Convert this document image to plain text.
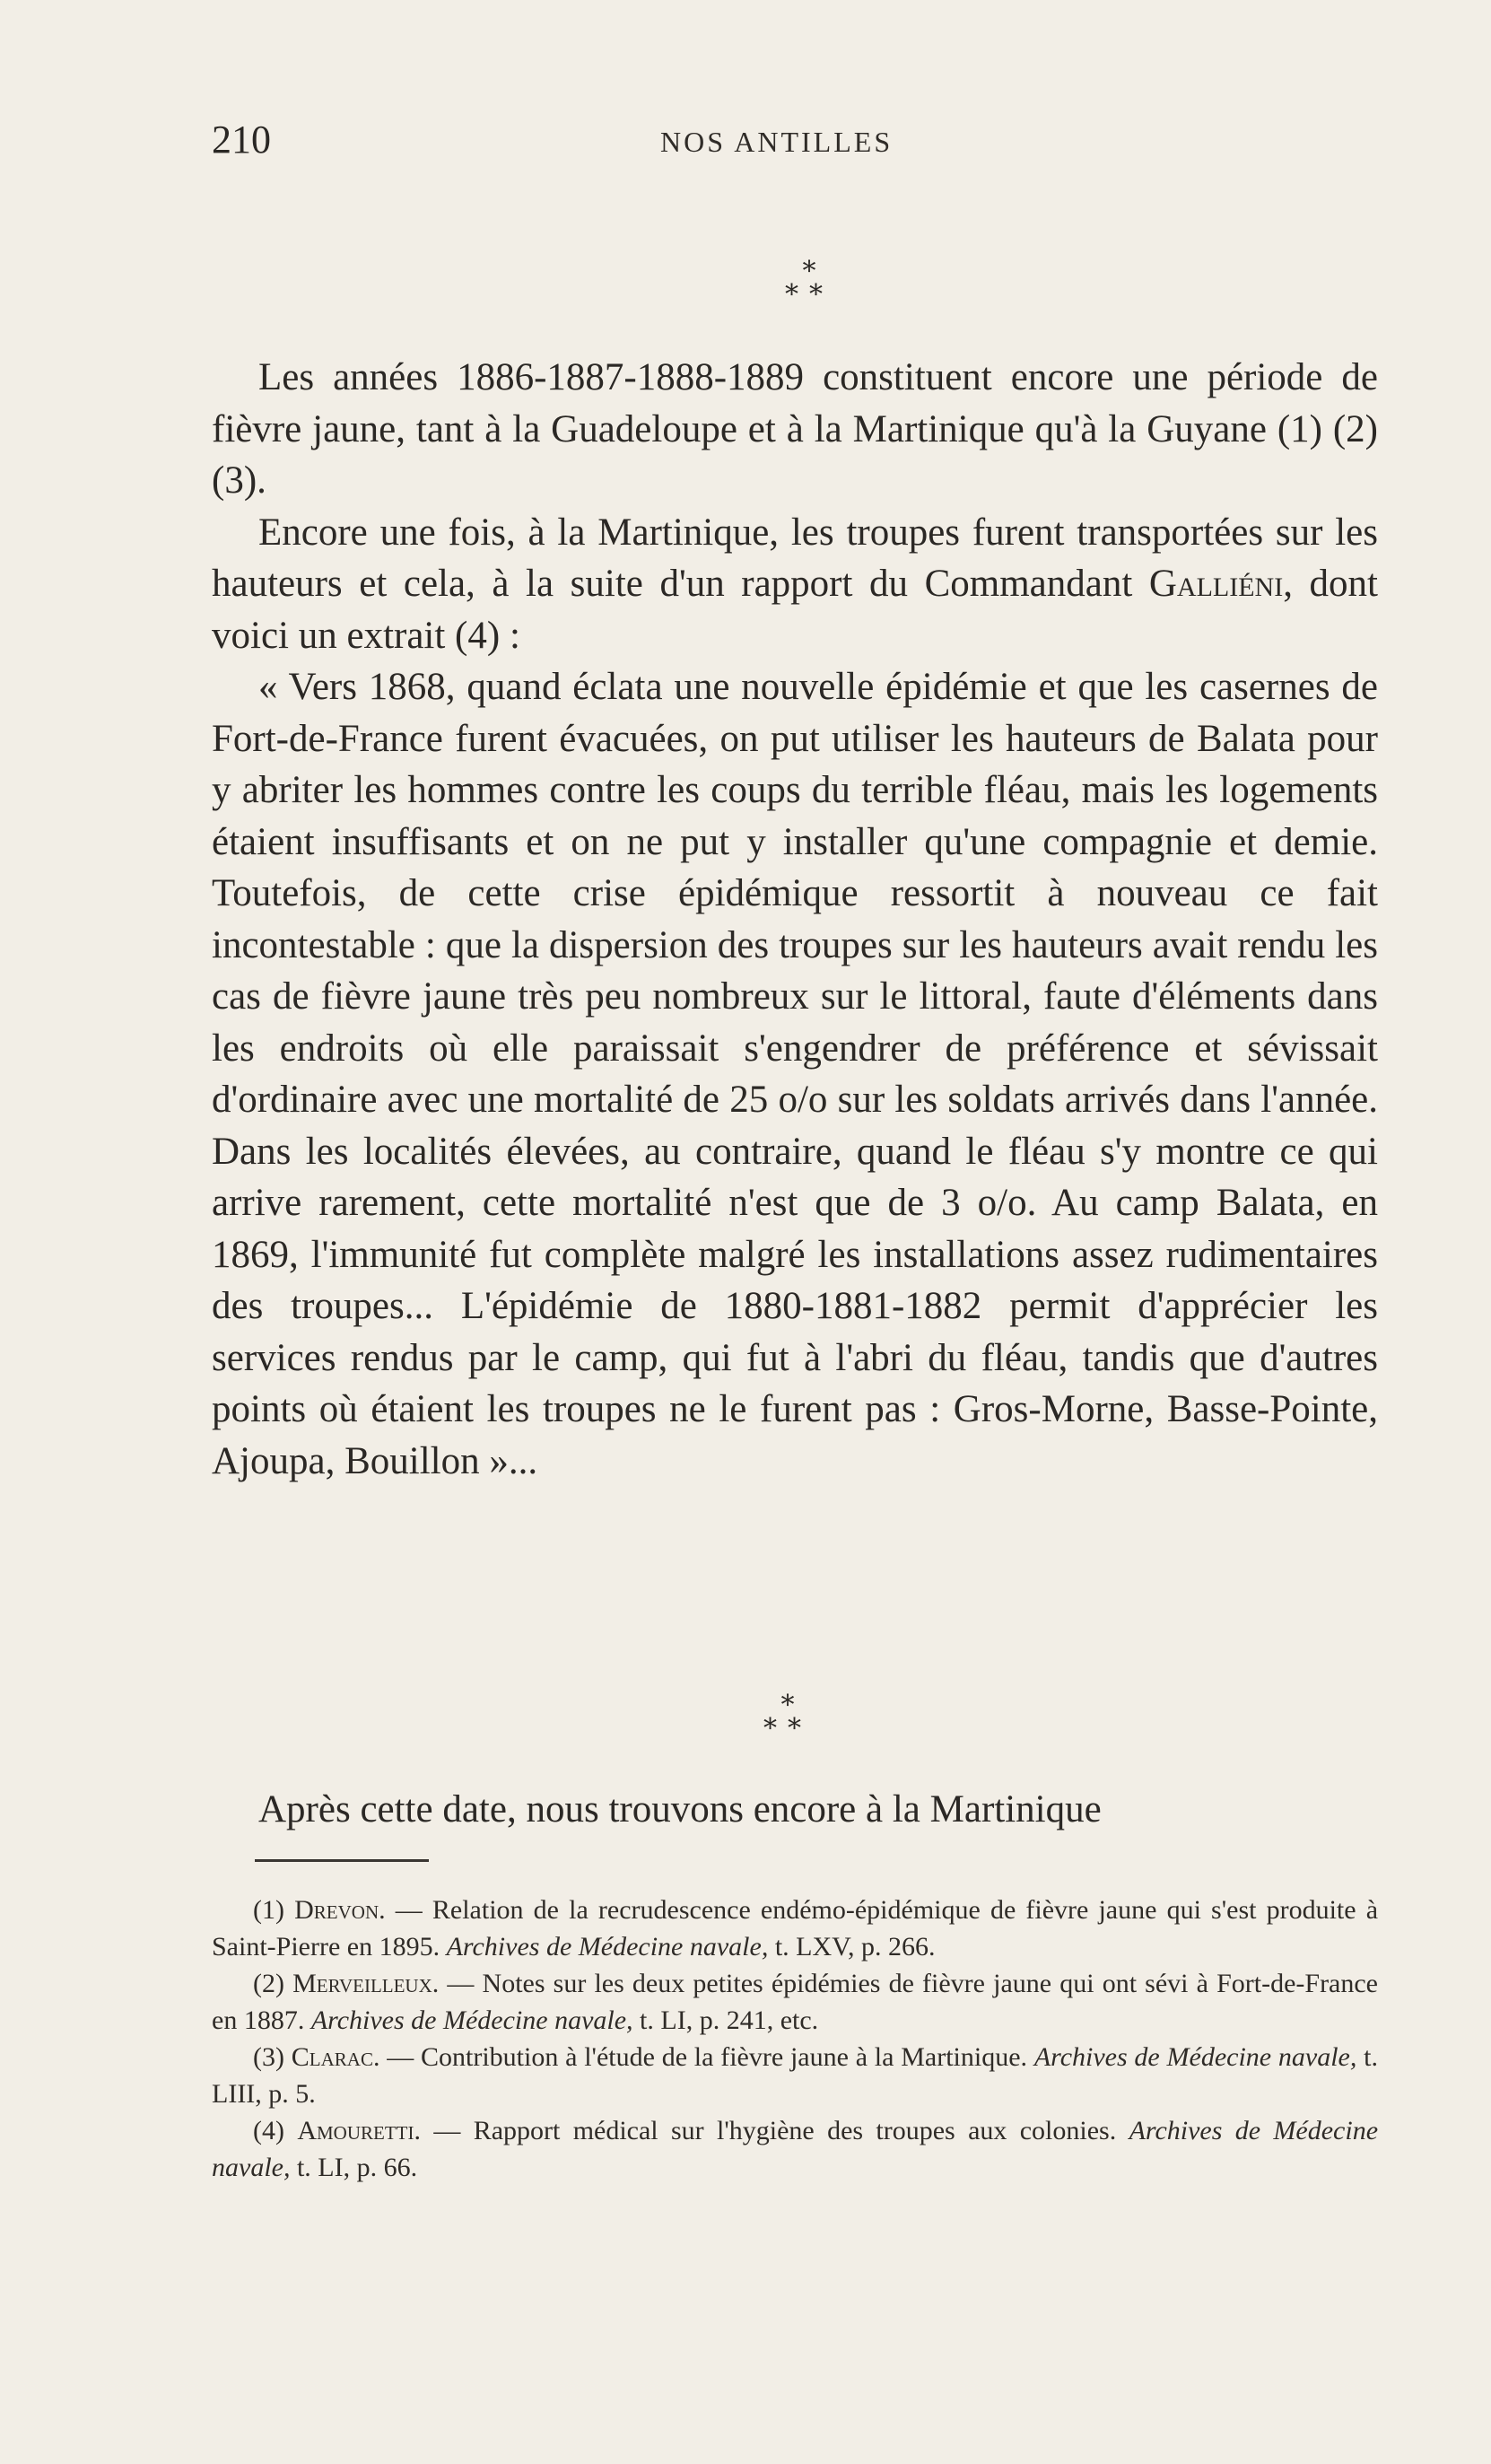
210	NOS ANTILLES
*
**

Les années 1886-1887-1888-1889 constituent encore une période de fièvre jaune, tant à la Guadeloupe et à la Martinique qu'à la Guyane (1) (2) (3).

Encore une fois, à la Martinique, les troupes furent transportées sur les hauteurs et cela, à la suite d'un rapport du Commandant Galliéni, dont voici un extrait (4) :

« Vers 1868, quand éclata une nouvelle épidémie et que les casernes de Fort-de-France furent évacuées, on put utiliser les hauteurs de Balata pour y abriter les hommes contre les coups du terrible fléau, mais les logements étaient insuffisants et on ne put y installer qu'une compagnie et demie. Toutefois, de cette crise épidémique ressortit à nouveau ce fait incontestable : que la dispersion des troupes sur les hauteurs avait rendu les cas de fièvre jaune très peu nombreux sur le littoral, faute d'éléments dans les endroits où elle paraissait s'engendrer de préférence et sévissait d'ordinaire avec une mortalité de 25 o/o sur les soldats arrivés dans l'année. Dans les localités élevées, au contraire, quand le fléau s'y montre ce qui arrive rarement, cette mortalité n'est que de 3 o/o. Au camp Balata, en 1869, l'immunité fut complète malgré les installations assez rudimentaires des troupes... L'épidémie de 1880-1881-1882 permit d'apprécier les services rendus par le camp, qui fut à l'abri du fléau, tandis que d'autres points où étaient les troupes ne le furent pas : Gros-Morne, Basse-Pointe, Ajoupa, Bouillon »...

*
**

Après cette date, nous trouvons encore à la Martinique

(1) Drevon. — Relation de la recrudescence endémo-épidémique de fièvre jaune qui s'est produite à Saint-Pierre en 1895. Archives de Médecine navale, t. LXV, p. 266.

(2) Merveilleux. — Notes sur les deux petites épidémies de fièvre jaune qui ont sévi à Fort-de-France en 1887. Archives de Médecine navale, t. LI, p. 241, etc.

(3) Clarac. — Contribution à l'étude de la fièvre jaune à la Martinique. Archives de Médecine navale, t. LIII, p. 5.

(4) Amouretti. — Rapport médical sur l'hygiène des troupes aux colonies. Archives de Médecine navale, t. LI, p. 66.
